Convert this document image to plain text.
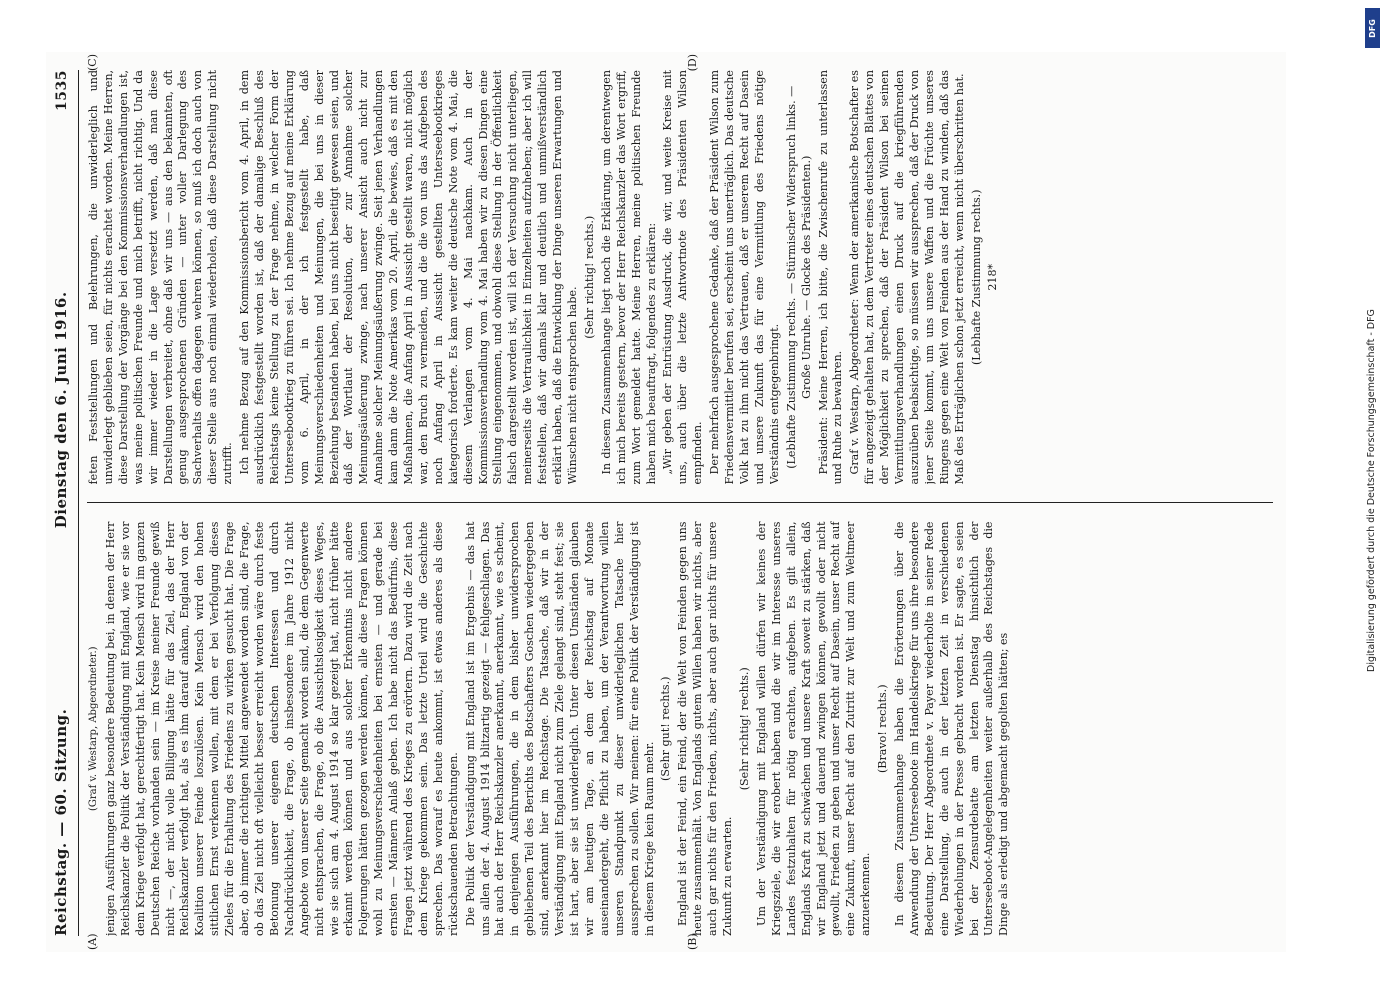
DFG
Digitalisierung gefördert durch die Deutsche Forschungsgemeinschaft - DFG
Reichstag. — 60. Sitzung.
Dienstag den 6. Juni 1916.
1535

(Graf v. Westarp, Abgeordneter.) jenigen Ausführungen ganz besondere Bedeutung bei, in denen der Herr Reichskanzler die Politik der Verständigung mit England, wie er sie vor dem Kriege verfolgt hat, gerechtfertigt hat. Kein Mensch wird im ganzen Deutschen Reiche vorhanden sein — im Kreise meiner Freunde gewiß nicht —, der nicht volle Billigung hätte für das Ziel, das der Herr Reichskanzler verfolgt hat, als es ihm darauf ankam, England von der Koalition unserer Feinde loszulösen. Kein Mensch wird den hohen sittlichen Ernst verkennen wollen, mit dem er bei Verfolgung dieses Zieles für die Erhaltung des Friedens zu wirken gesucht hat. Die Frage aber, ob immer die richtigen Mittel angewendet worden sind, die Frage, ob das Ziel nicht oft vielleicht besser erreicht worden wäre durch feste Betonung unserer eigenen deutschen Interessen und durch Nachdrücklichkeit, die Frage, ob insbesondere im Jahre 1912 nicht Angebote von unserer Seite gemacht worden sind, die dem Gegenwerte nicht entsprachen, die Frage, ob die Aussichtslosigkeit dieses Weges, wie sie sich am 4. August 1914 so klar gezeigt hat, nicht früher hätte erkannt werden können und aus solcher Erkenntnis nicht andere Folgerungen hätten gezogen werden können, alle diese Fragen können wohl zu Meinungsverschiedenheiten bei ernsten — und gerade bei ernsten — Männern Anlaß geben. Ich habe nicht das Bedürfnis, diese Fragen jetzt während des Krieges zu erörtern. Dazu wird die Zeit nach dem Kriege gekommen sein. Das letzte Urteil wird die Geschichte sprechen. Das worauf es heute ankommt, ist etwas anderes als diese rückschauenden Betrachtungen. Die Politik der Verständigung mit England ist im Ergebnis — das hat uns allen der 4. August 1914 blitzartig gezeigt — fehlgeschlagen. Das hat auch der Herr Reichskanzler anerkannt, anerkannt, wie es scheint, in denjenigen Ausführungen, die in dem bisher unwidersprochen gebliebenen Teil des Berichts des Botschafters Goschen wiedergegeben sind, anerkannt hier im Reichstage. Die Tatsache, daß wir in der Verständigung mit England nicht zum Ziele gelangt sind, steht fest; sie ist hart, aber sie ist unwiderleglich. Unter diesen Umständen glauben wir am heutigen Tage, an dem der Reichstag auf Monate auseinandergeht, die Pflicht zu haben, um der Verantwortung willen unseren Standpunkt zu dieser unwiderleglichen Tatsache hier aussprechen zu sollen. Wir meinen: für eine Politik der Verständigung ist in diesem Kriege kein Raum mehr.

(Sehr gut! rechts.) England ist der Feind, ein Feind, der die Welt von Feinden gegen uns heute zusammenhält. Von Englands gutem Willen haben wir nichts, aber auch gar nichts für den Frieden, nichts, aber auch gar nichts für unsere Zukunft zu erwarten.

(Sehr richtig! rechts.) Um der Verständigung mit England willen dürfen wir keines der Kriegsziele, die wir erobert haben und die wir im Interesse unseres Landes festzuhalten für nötig erachten, aufgeben. Es gilt allein, Englands Kraft zu schwächen und unsere Kraft soweit zu stärken, daß wir England jetzt und dauernd zwingen können, gewollt oder nicht gewollt, Frieden zu geben und unser Recht auf Dasein, unser Recht auf eine Zukunft, unser Recht auf den Zutritt zur Welt und zum Weltmeer anzuerkennen.

(Bravo! rechts.) In diesem Zusammenhange haben die Erörterungen über die Anwendung der Unterseeboote im Handelskriege für uns ihre besondere Bedeutung. Der Herr Abgeordnete v. Payer wiederholte in seiner Rede eine Darstellung, die auch in der letzten Zeit in verschiedenen Wiederholungen in der Presse gebracht worden ist. Er sagte, es seien bei der Zensurdebatte am letzten Dienstag hinsichtlich der Unterseeboot-Angelegenheiten weiter außerhalb des Reichstages die Dinge als erledigt und abgemacht gegolten hätten; es

feten Feststellungen und Belehrungen, die unwiderleglich und unwiderlegt geblieben seien, für nichts erachtet worden. Meine Herren, diese Darstellung der Vorgänge bei den Kommissionsverhandlungen ist, was meine politischen Freunde und mich betrifft, nicht richtig. Und da wir immer wieder in die Lage versetzt werden, daß man diese Darstellungen verbreitet, ohne daß wir uns — aus den bekannten, oft genug ausgesprochenen Gründen — unter voller Darlegung des Sachverhalts offen dagegen wehren können, so muß ich doch auch von dieser Stelle aus noch einmal wiederholen, daß diese Darstellung nicht zutrifft. Ich nehme Bezug auf den Kommissionsbericht vom 4. April, in dem ausdrücklich festgestellt worden ist, daß der damalige Beschluß des Reichstags keine Stellung zu der Frage nehme, in welcher Form der Unterseebootkrieg zu führen sei. Ich nehme Bezug auf meine Erklärung vom 6. April, in der ich festgestellt habe, daß Meinungsverschiedenheiten und Meinungen, die bei uns in dieser Beziehung bestanden haben, bei uns nicht beseitigt gewesen seien, und daß der Wortlaut der Resolution, der zur Annahme solcher Meinungsäußerung zwinge, nach unserer Ansicht auch nicht zur Annahme solcher Meinungsäußerung zwinge. Seit jenen Verhandlungen kam dann die Note Amerikas vom 20. April, die bewies, daß es mit den Maßnahmen, die Anfang April in Aussicht gestellt waren, nicht möglich war, den Bruch zu vermeiden, und die die von uns das Aufgeben des noch Anfang April in Aussicht gestellten Unterseebootkrieges kategorisch forderte. Es kam weiter die deutsche Note vom 4. Mai, die diesem Verlangen vom 4. Mai nachkam. Auch in der Kommissionsverhandlung vom 4. Mai haben wir zu diesen Dingen eine Stellung eingenommen, und obwohl diese Stellung in der Öffentlichkeit falsch dargestellt worden ist, will ich der Versuchung nicht unterliegen, meinerseits die Vertraulichkeit in Einzelheiten aufzuheben; aber ich will feststellen, daß wir damals klar und deutlich und unmißverständlich erklärt haben, daß die Entwicklung der Dinge unseren Erwartungen und Wünschen nicht entsprochen habe.

(Sehr richtig! rechts.) In diesem Zusammenhange liegt noch die Erklärung, um derentwegen ich mich bereits gestern, bevor der Herr Reichskanzler das Wort ergriff, zum Wort gemeldet hatte. Meine Herren, meine politischen Freunde haben mich beauftragt, folgendes zu erklären: „Wir geben der Entrüstung Ausdruck, die wir, und weite Kreise mit uns, auch über die letzte Antwortnote des Präsidenten Wilson empfinden. Der mehrfach ausgesprochene Gedanke, daß der Präsident Wilson zum Friedensvermittler berufen sei, erscheint uns unerträglich. Das deutsche Volk hat zu ihm nicht das Vertrauen, daß er unserem Recht auf Dasein und unsere Zukunft das für eine Vermittlung des Friedens nötige Verständnis entgegenbringt. (Lebhafte Zustimmung rechts. — Stürmischer Widerspruch links. — Große Unruhe. — Glocke des Präsidenten.) Präsident: Meine Herren, ich bitte, die Zwischenrufe zu unterlassen und Ruhe zu bewahren. Graf v. Westarp, Abgeordneter: Wenn der amerikanische Botschafter es für angezeigt gehalten hat, zu dem Vertreter eines deutschen Blattes von der Möglichkeit zu sprechen, daß der Präsident Wilson bei seinen Vermittlungsverhandlungen einen Druck auf die kriegführenden auszuüben beabsichtige, so müssen wir aussprechen, daß der Druck von jener Seite kommt, um uns unsere Waffen und die Früchte unseres Ringens gegen eine Welt von Feinden aus der Hand zu winden, daß das Maß des Erträglichen schon jetzt erreicht, wenn nicht überschritten hat. (Lebhafte Zustimmung rechts.) 218*

(A)	(B)
(C)	(D)
